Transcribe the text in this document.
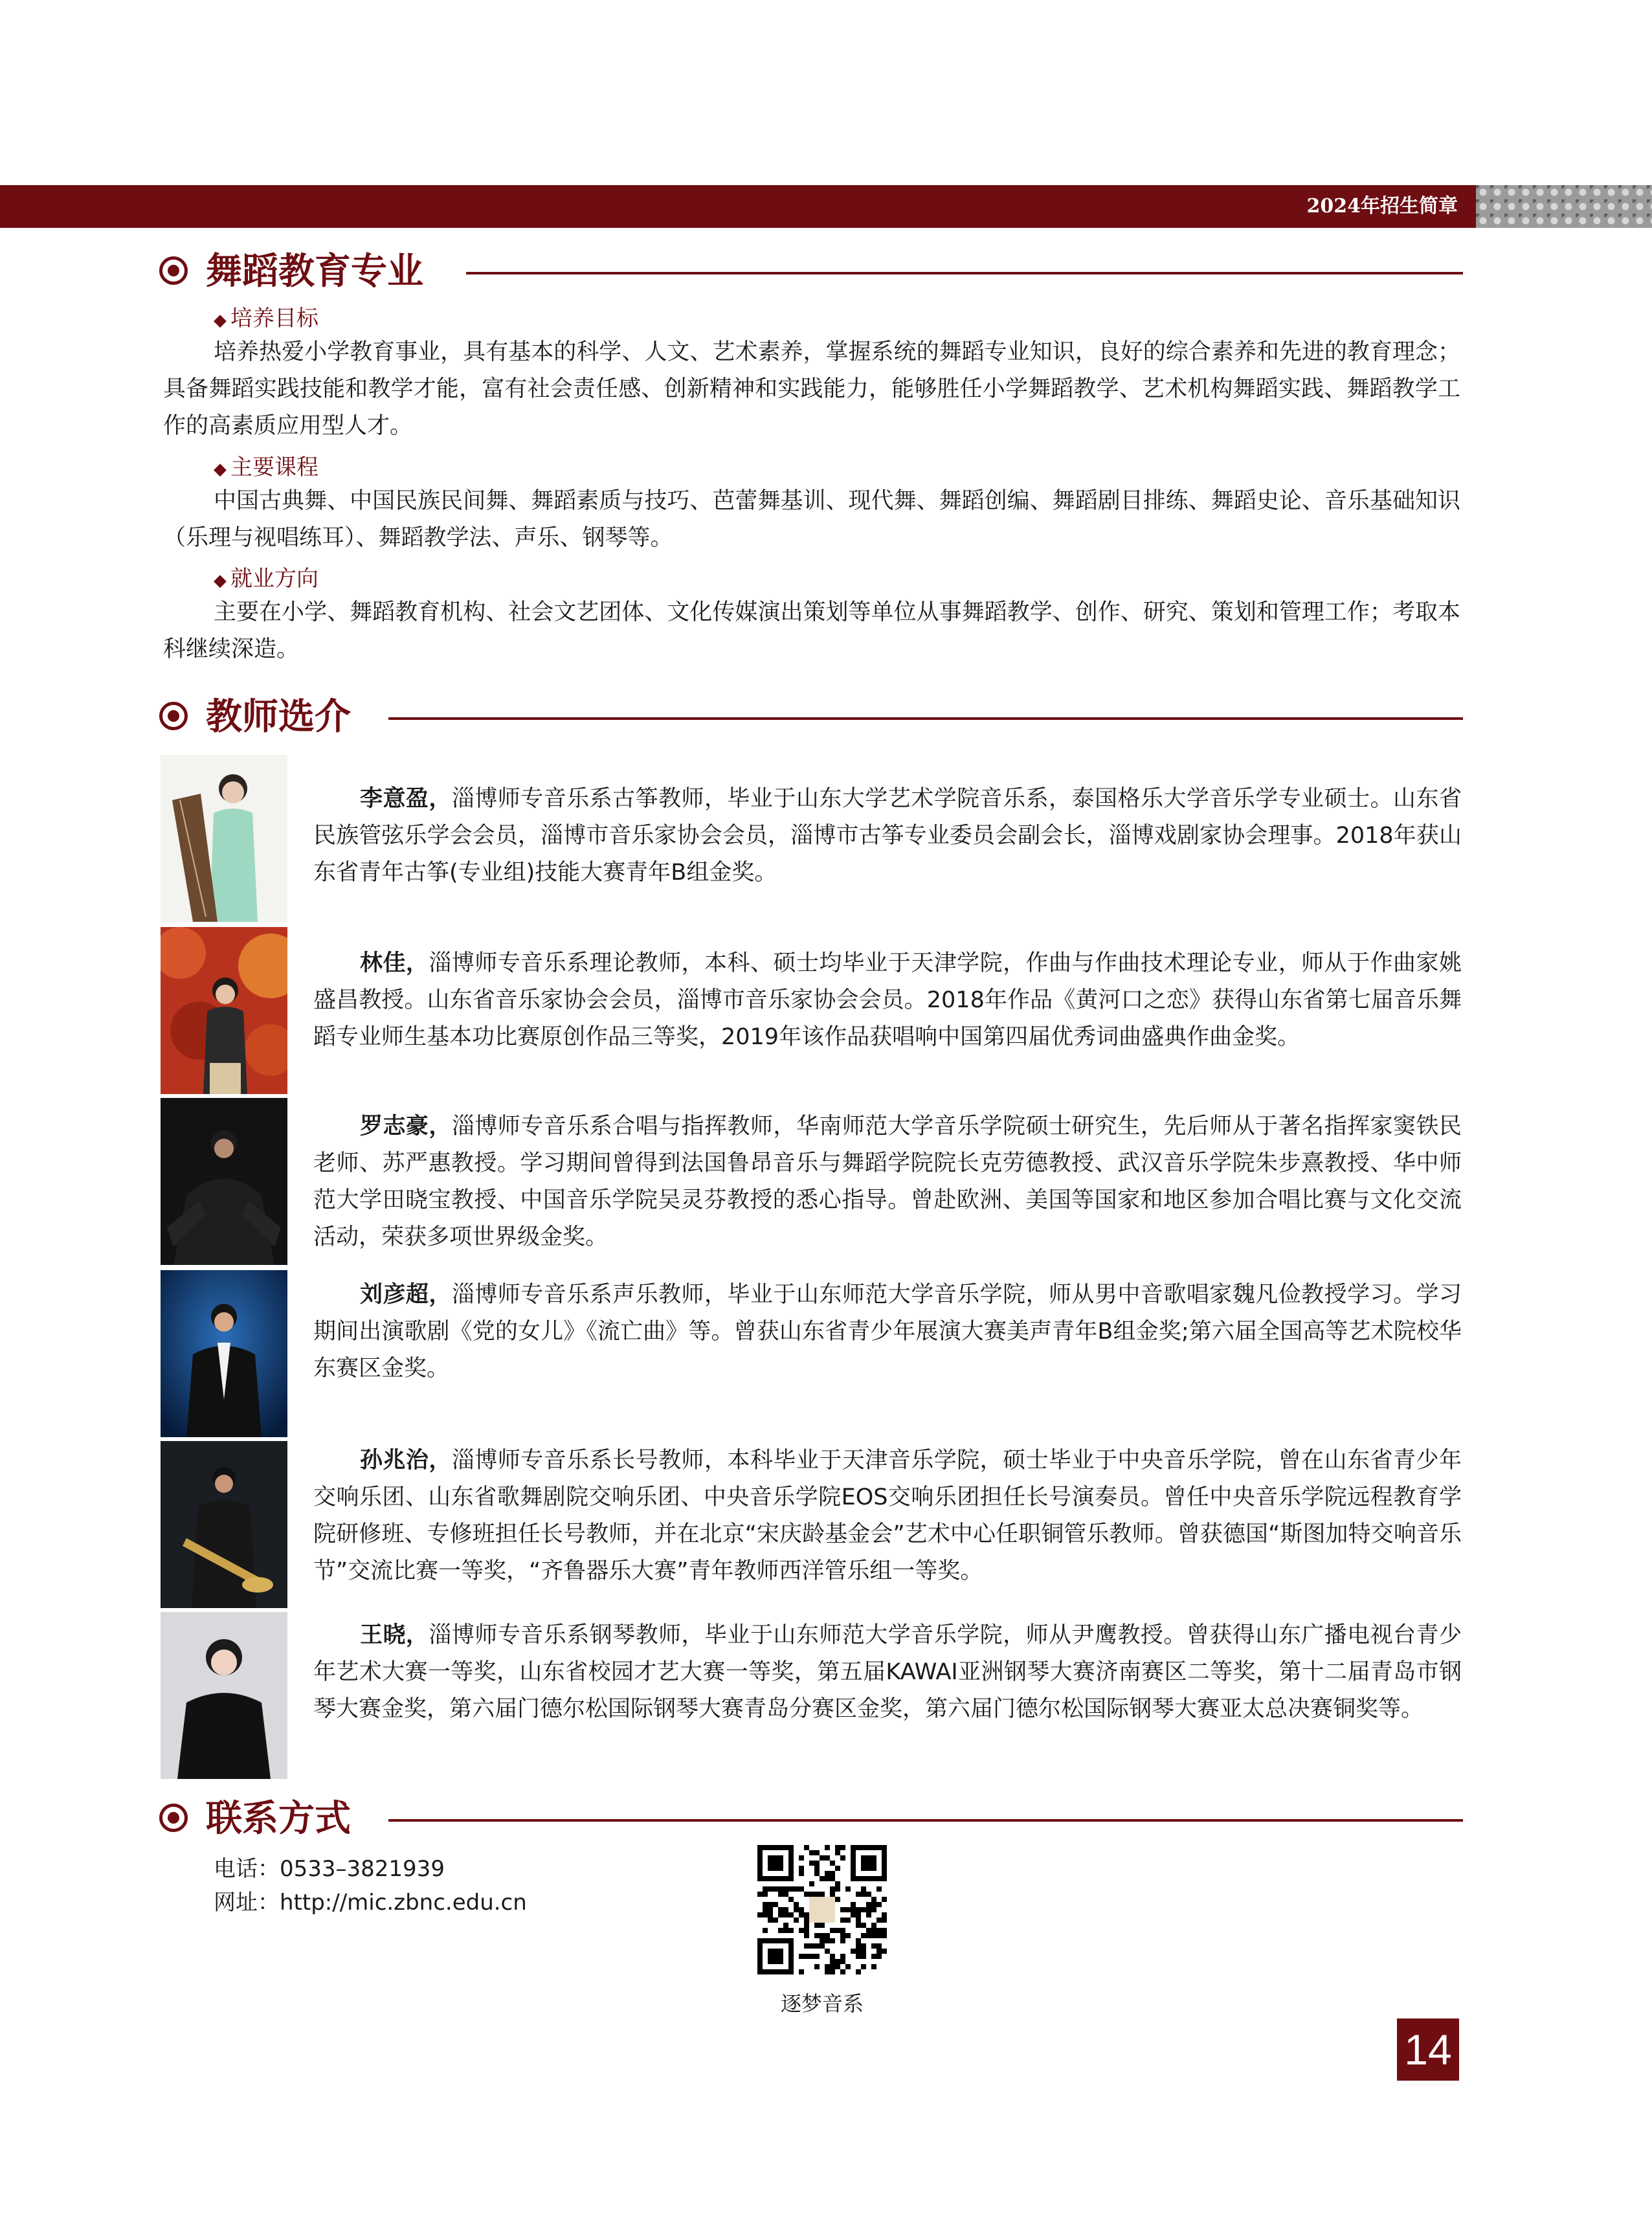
2024年招生简章
舞蹈教育专业
◆ 培养目标

培养热爱小学教育事业，具有基本的科学、人文、艺术素养，掌握系统的舞蹈专业知识，良好的综合素养和先进的教育理念；具备舞蹈实践技能和教学才能，富有社会责任感、创新精神和实践能力，能够胜任小学舞蹈教学、艺术机构舞蹈实践、舞蹈教学工作的高素质应用型人才。

◆ 主要课程

中国古典舞、中国民族民间舞、舞蹈素质与技巧、芭蕾舞基训、现代舞、舞蹈创编、舞蹈剧目排练、舞蹈史论、音乐基础知识（乐理与视唱练耳）、舞蹈教学法、声乐、钢琴等。

◆ 就业方向

主要在小学、舞蹈教育机构、社会文艺团体、文化传媒演出策划等单位从事舞蹈教学、创作、研究、策划和管理工作；考取本科继续深造。

教师选介

李意盈，淄博师专音乐系古筝教师，毕业于山东大学艺术学院音乐系，泰国格乐大学音乐学专业硕士。山东省民族管弦乐学会会员，淄博市音乐家协会会员，淄博市古筝专业委员会副会长，淄博戏剧家协会理事。2018年获山东省青年古筝(专业组)技能大赛青年B组金奖。

林佳，淄博师专音乐系理论教师，本科、硕士均毕业于天津学院，作曲与作曲技术理论专业，师从于作曲家姚盛昌教授。山东省音乐家协会会员，淄博市音乐家协会会员。2018年作品《黄河口之恋》获得山东省第七届音乐舞蹈专业师生基本功比赛原创作品三等奖，2019年该作品获唱响中国第四届优秀词曲盛典作曲金奖。

罗志豪，淄博师专音乐系合唱与指挥教师，华南师范大学音乐学院硕士研究生，先后师从于著名指挥家窦铁民老师、苏严惠教授。学习期间曾得到法国鲁昂音乐与舞蹈学院院长克劳德教授、武汉音乐学院朱步熹教授、华中师范大学田晓宝教授、中国音乐学院吴灵芬教授的悉心指导。曾赴欧洲、美国等国家和地区参加合唱比赛与文化交流活动，荣获多项世界级金奖。

刘彦超，淄博师专音乐系声乐教师，毕业于山东师范大学音乐学院，师从男中音歌唱家魏凡俭教授学习。学习期间出演歌剧《党的女儿》《流亡曲》等。曾获山东省青少年展演大赛美声青年B组金奖;第六届全国高等艺术院校华东赛区金奖。

孙兆治，淄博师专音乐系长号教师，本科毕业于天津音乐学院，硕士毕业于中央音乐学院，曾在山东省青少年交响乐团、山东省歌舞剧院交响乐团、中央音乐学院EOS交响乐团担任长号演奏员。曾任中央音乐学院远程教育学院研修班、专修班担任长号教师，并在北京“宋庆龄基金会”艺术中心任职铜管乐教师。曾获德国“斯图加特交响音乐节”交流比赛一等奖，“齐鲁器乐大赛”青年教师西洋管乐组一等奖。

王晓，淄博师专音乐系钢琴教师，毕业于山东师范大学音乐学院，师从尹鹰教授。曾获得山东广播电视台青少年艺术大赛一等奖，山东省校园才艺大赛一等奖，第五届KAWAI亚洲钢琴大赛济南赛区二等奖，第十二届青岛市钢琴大赛金奖，第六届门德尔松国际钢琴大赛青岛分赛区金奖，第六届门德尔松国际钢琴大赛亚太总决赛铜奖等。

联系方式
电话：0533–3821939
网址：http://mic.zbnc.edu.cn
逐梦音系
14
